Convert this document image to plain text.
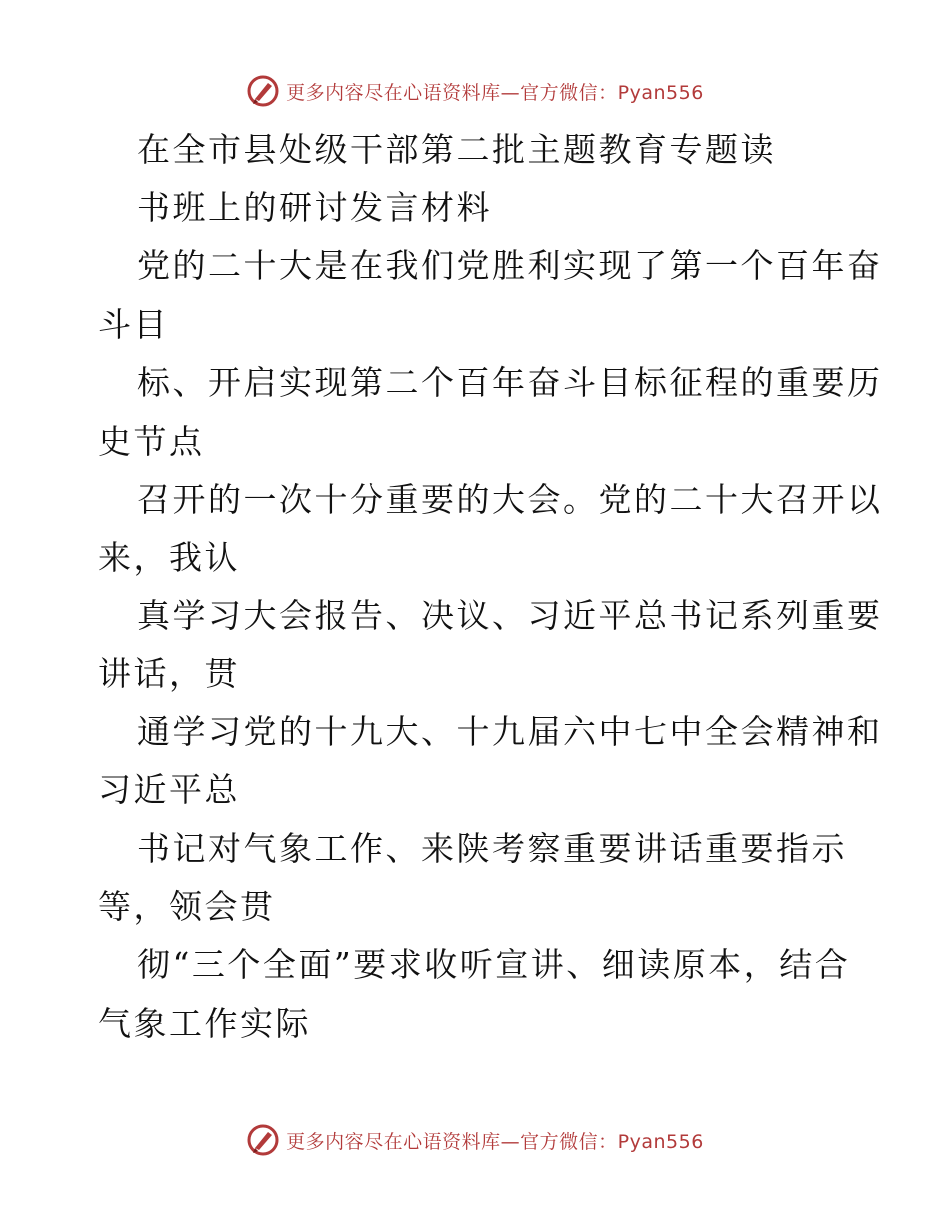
更多内容尽在心语资料库—官方微信：Pyan556
在全市县处级干部第二批主题教育专题读
书班上的研讨发言材料
党的二十大是在我们党胜利实现了第一个百年奋
斗目
标、开启实现第二个百年奋斗目标征程的重要历
史节点
召开的一次十分重要的大会。党的二十大召开以
来，我认
真学习大会报告、决议、习近平总书记系列重要
讲话，贯
通学习党的十九大、十九届六中七中全会精神和
习近平总
书记对气象工作、来陕考察重要讲话重要指示
等，领会贯
彻“三个全面”要求收听宣讲、细读原本，结合
气象工作实际
更多内容尽在心语资料库—官方微信：Pyan556
